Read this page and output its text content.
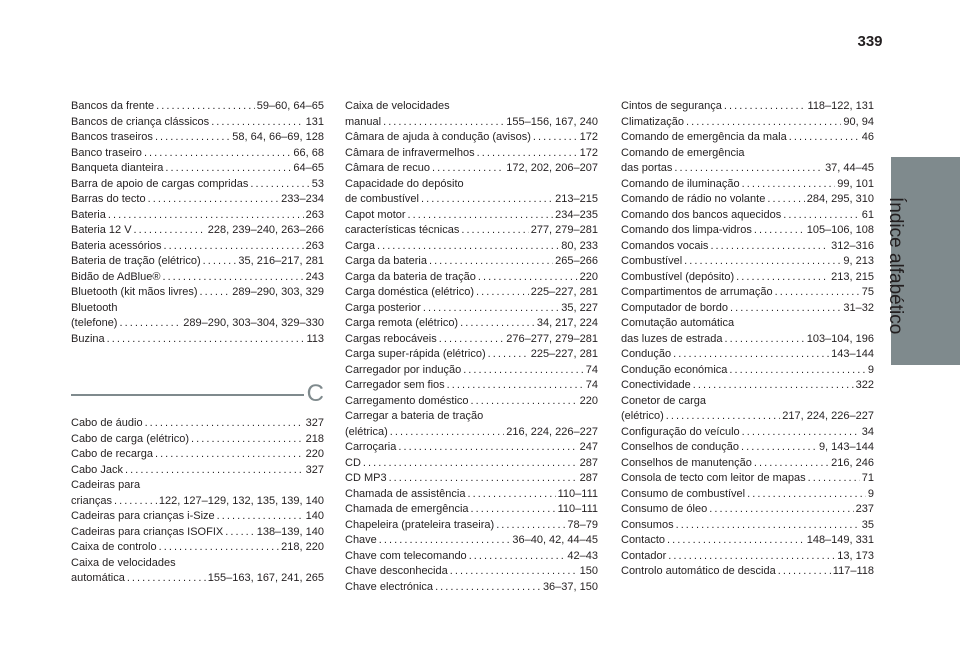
339
Índice alfabético
Bancos da frente . . .	59–60, 64–65
Bancos de criança clássicos . . .	131
Bancos traseiros . . .	58, 64, 66–69, 128
Banco traseiro . . .	66, 68
Banqueta dianteira . . .	64–65
Barra de apoio de cargas compridas . . .	53
Barras do tecto . . .	233–234
Bateria . . .	263
Bateria 12 V . . .	228, 239–240, 263–266
Bateria acessórios . . .	263
Bateria de tração (elétrico) . . .	35, 216–217, 281
Bidão de AdBlue® . . .	243
Bluetooth (kit mãos livres) . . .	289–290, 303, 329
Bluetooth
(telefone) . . .	289–290, 303–304, 329–330
Buzina . . .	113
C
Cabo de áudio . . .	327
Cabo de carga (elétrico) . . .	218
Cabo de recarga . . .	220
Cabo Jack . . .	327
Cadeiras para
crianças . . .	122, 127–129, 132, 135, 139, 140
Cadeiras para crianças i-Size . . .	140
Cadeiras para crianças ISOFIX . . .	138–139, 140
Caixa de controlo . . .	218, 220
Caixa de velocidades
automática . . .	155–163, 167, 241, 265
Caixa de velocidades
manual . . .	155–156, 167, 240
Câmara de ajuda à condução (avisos) . . .	172
Câmara de infravermelhos . . .	172
Câmara de recuo . . .	172, 202, 206–207
Capacidade do depósito
de combustível . . .	213–215
Capot motor . . .	234–235
características técnicas . . .	277, 279–281
Carga . . .	80, 233
Carga da bateria . . .	265–266
Carga da bateria de tração . . .	220
Carga doméstica (elétrico) . . .	225–227, 281
Carga posterior . . .	35, 227
Carga remota (elétrico) . . .	34, 217, 224
Cargas rebocáveis . . .	276–277, 279–281
Carga super-rápida (elétrico) . . .	225–227, 281
Carregador por indução . . .	74
Carregador sem fios . . .	74
Carregamento doméstico . . .	220
Carregar a bateria de tração
(elétrica) . . .	216, 224, 226–227
Carroçaria . . .	247
CD . . .	287
CD MP3 . . .	287
Chamada de assistência . . .	110–111
Chamada de emergência . . .	110–111
Chapeleira (prateleira traseira) . . .	78–79
Chave . . .	36–40, 42, 44–45
Chave com telecomando . . .	42–43
Chave desconhecida . . .	150
Chave electrónica . . .	36–37, 150
Cintos de segurança . . .	118–122, 131
Climatização . . .	90, 94
Comando de emergência da mala . . .	46
Comando de emergência
das portas . . .	37, 44–45
Comando de iluminação . . .	99, 101
Comando de rádio no volante . . .	284, 295, 310
Comando dos bancos aquecidos . . .	61
Comando dos limpa-vidros . . .	105–106, 108
Comandos vocais . . .	312–316
Combustível . . .	9, 213
Combustível (depósito) . . .	213, 215
Compartimentos de arrumação . . .	75
Computador de bordo . . .	31–32
Comutação automática
das luzes de estrada . . .	103–104, 196
Condução . . .	143–144
Condução económica . . .	9
Conectividade . . .	322
Conetor de carga
(elétrico) . . .	217, 224, 226–227
Configuração do veículo . . .	34
Conselhos de condução . . .	9, 143–144
Conselhos de manutenção . . .	216, 246
Consola de tecto com leitor de mapas . . .	71
Consumo de combustível . . .	9
Consumo de óleo . . .	237
Consumos . . .	35
Contacto . . .	148–149, 331
Contador . . .	13, 173
Controlo automático de descida . . .	117–118
